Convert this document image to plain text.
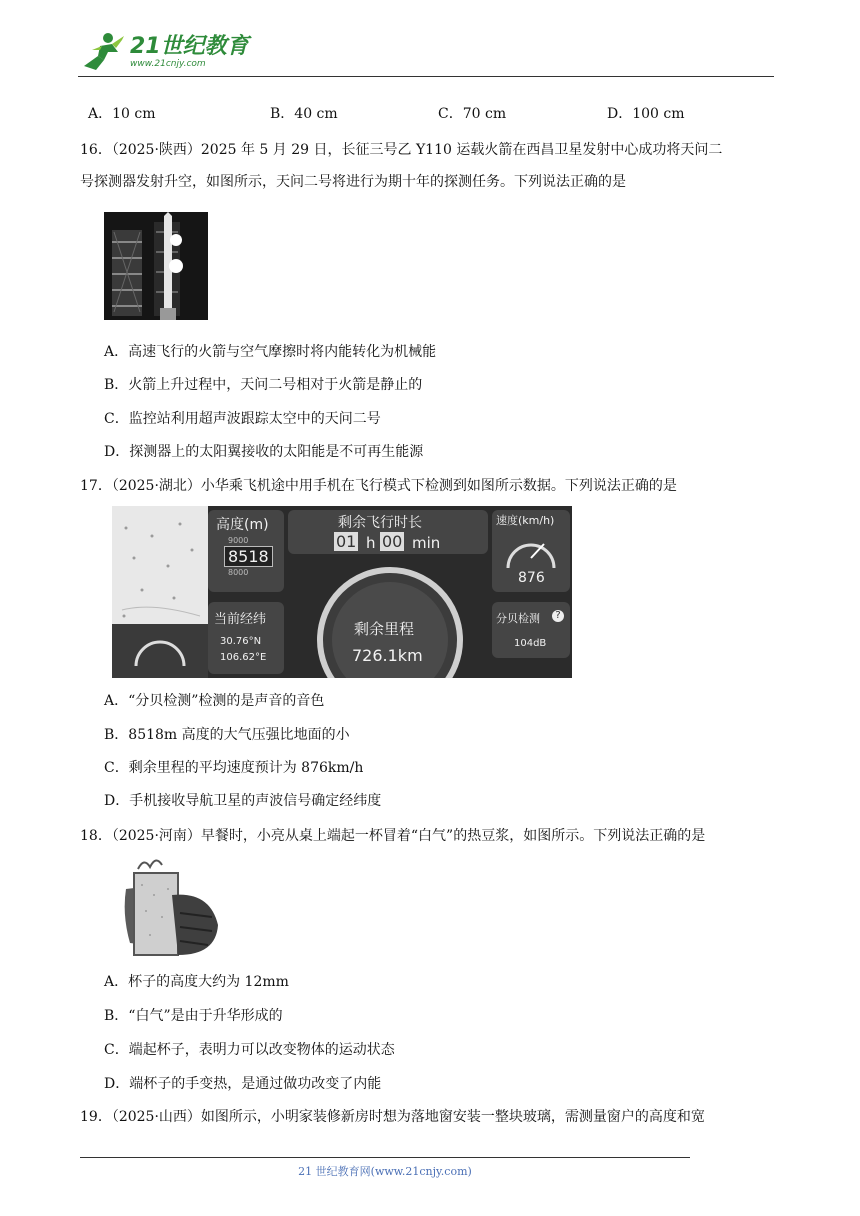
21世纪教育
www.21cnjy.com
A．10 cm	B．40 cm	C．70 cm	D．100 cm
16．（2025·陕西）2025 年 5 月 29 日，长征三号乙 Y110 运载火箭在西昌卫星发射中心成功将天问二
号探测器发射升空，如图所示，天问二号将进行为期十年的探测任务。下列说法正确的是
A．高速飞行的火箭与空气摩擦时将内能转化为机械能
B．火箭上升过程中，天问二号相对于火箭是静止的
C．监控站利用超声波跟踪太空中的天问二号
D．探测器上的太阳翼接收的太阳能是不可再生能源
17．（2025·湖北）小华乘飞机途中用手机在飞行模式下检测到如图所示数据。下列说法正确的是
高度(m)
9000
8518
8000
剩余飞行时长
01 h 00 min
速度(km/h)
876
当前经纬
30.76°N
106.62°E
剩余里程
726.1km
分贝检测	?
104dB
A．“分贝检测”检测的是声音的音色
B．8518m 高度的大气压强比地面的小
C．剩余里程的平均速度预计为 876km/h
D．手机接收导航卫星的声波信号确定经纬度
18．（2025·河南）早餐时，小亮从桌上端起一杯冒着“白气”的热豆浆，如图所示。下列说法正确的是
A．杯子的高度大约为 12mm
B．“白气”是由于升华形成的
C．端起杯子，表明力可以改变物体的运动状态
D．端杯子的手变热，是通过做功改变了内能
19．（2025·山西）如图所示，小明家装修新房时想为落地窗安装一整块玻璃，需测量窗户的高度和宽
21 世纪教育网(www.21cnjy.com)
